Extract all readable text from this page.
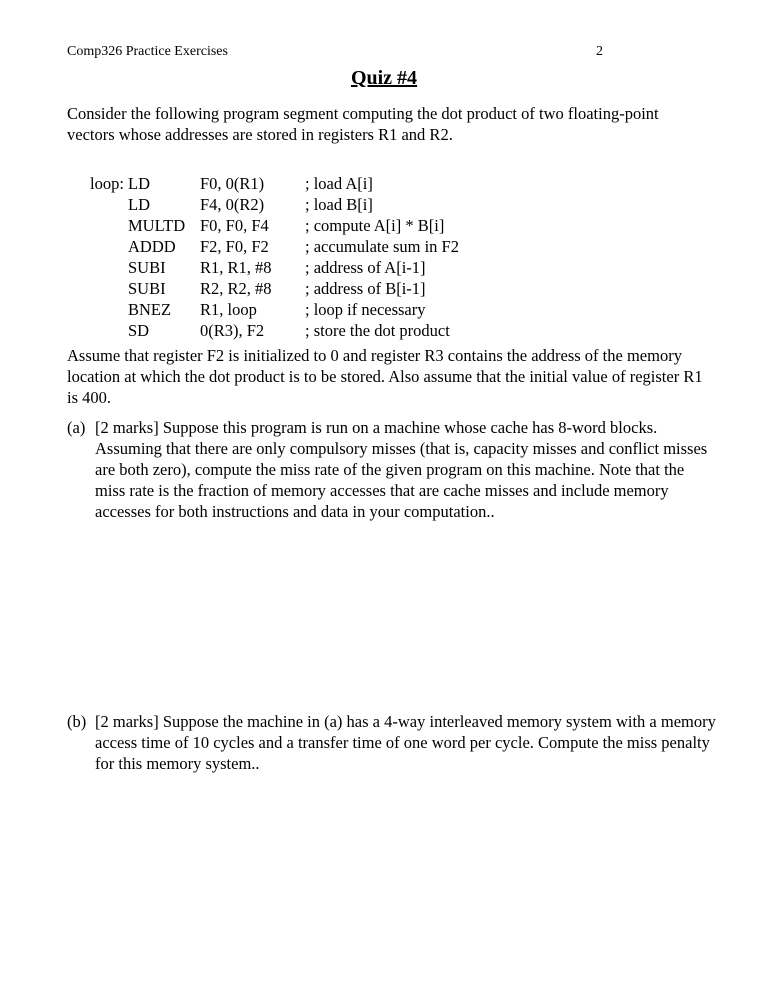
Comp326 Practice Exercises	2
Quiz #4

Consider the following program segment computing the dot product of two floating-point vectors whose addresses are stored in registers R1 and R2.

loop: LD	F0, 0(R1) ; load A[i]
LD	F4, 0(R2) ; load B[i]
MULTD F0, F0, F4 ; compute A[i] * B[i]
ADDD F2, F0, F2 ; accumulate sum in F2
SUBI R1, R1, #8 ; address of A[i-1]
SUBI R2, R2, #8 ; address of B[i-1]
BNEZ R1, loop	; loop if necessary
SD	0(R3), F2 ; store the dot product

Assume that register F2 is initialized to 0 and register R3 contains the address of the memory location at which the dot product is to be stored. Also assume that the initial value of register R1 is 400.

(a) [2 marks] Suppose this program is run on a machine whose cache has 8-word blocks. Assuming that there are only compulsory misses (that is, capacity misses and conflict misses are both zero), compute the miss rate of the given program on this machine. Note that the miss rate is the fraction of memory accesses that are cache misses and include memory accesses for both instructions and data in your computation..
(b) [2 marks] Suppose the machine in (a) has a 4-way interleaved memory system with a memory access time of 10 cycles and a transfer time of one word per cycle. Compute the miss penalty for this memory system..
